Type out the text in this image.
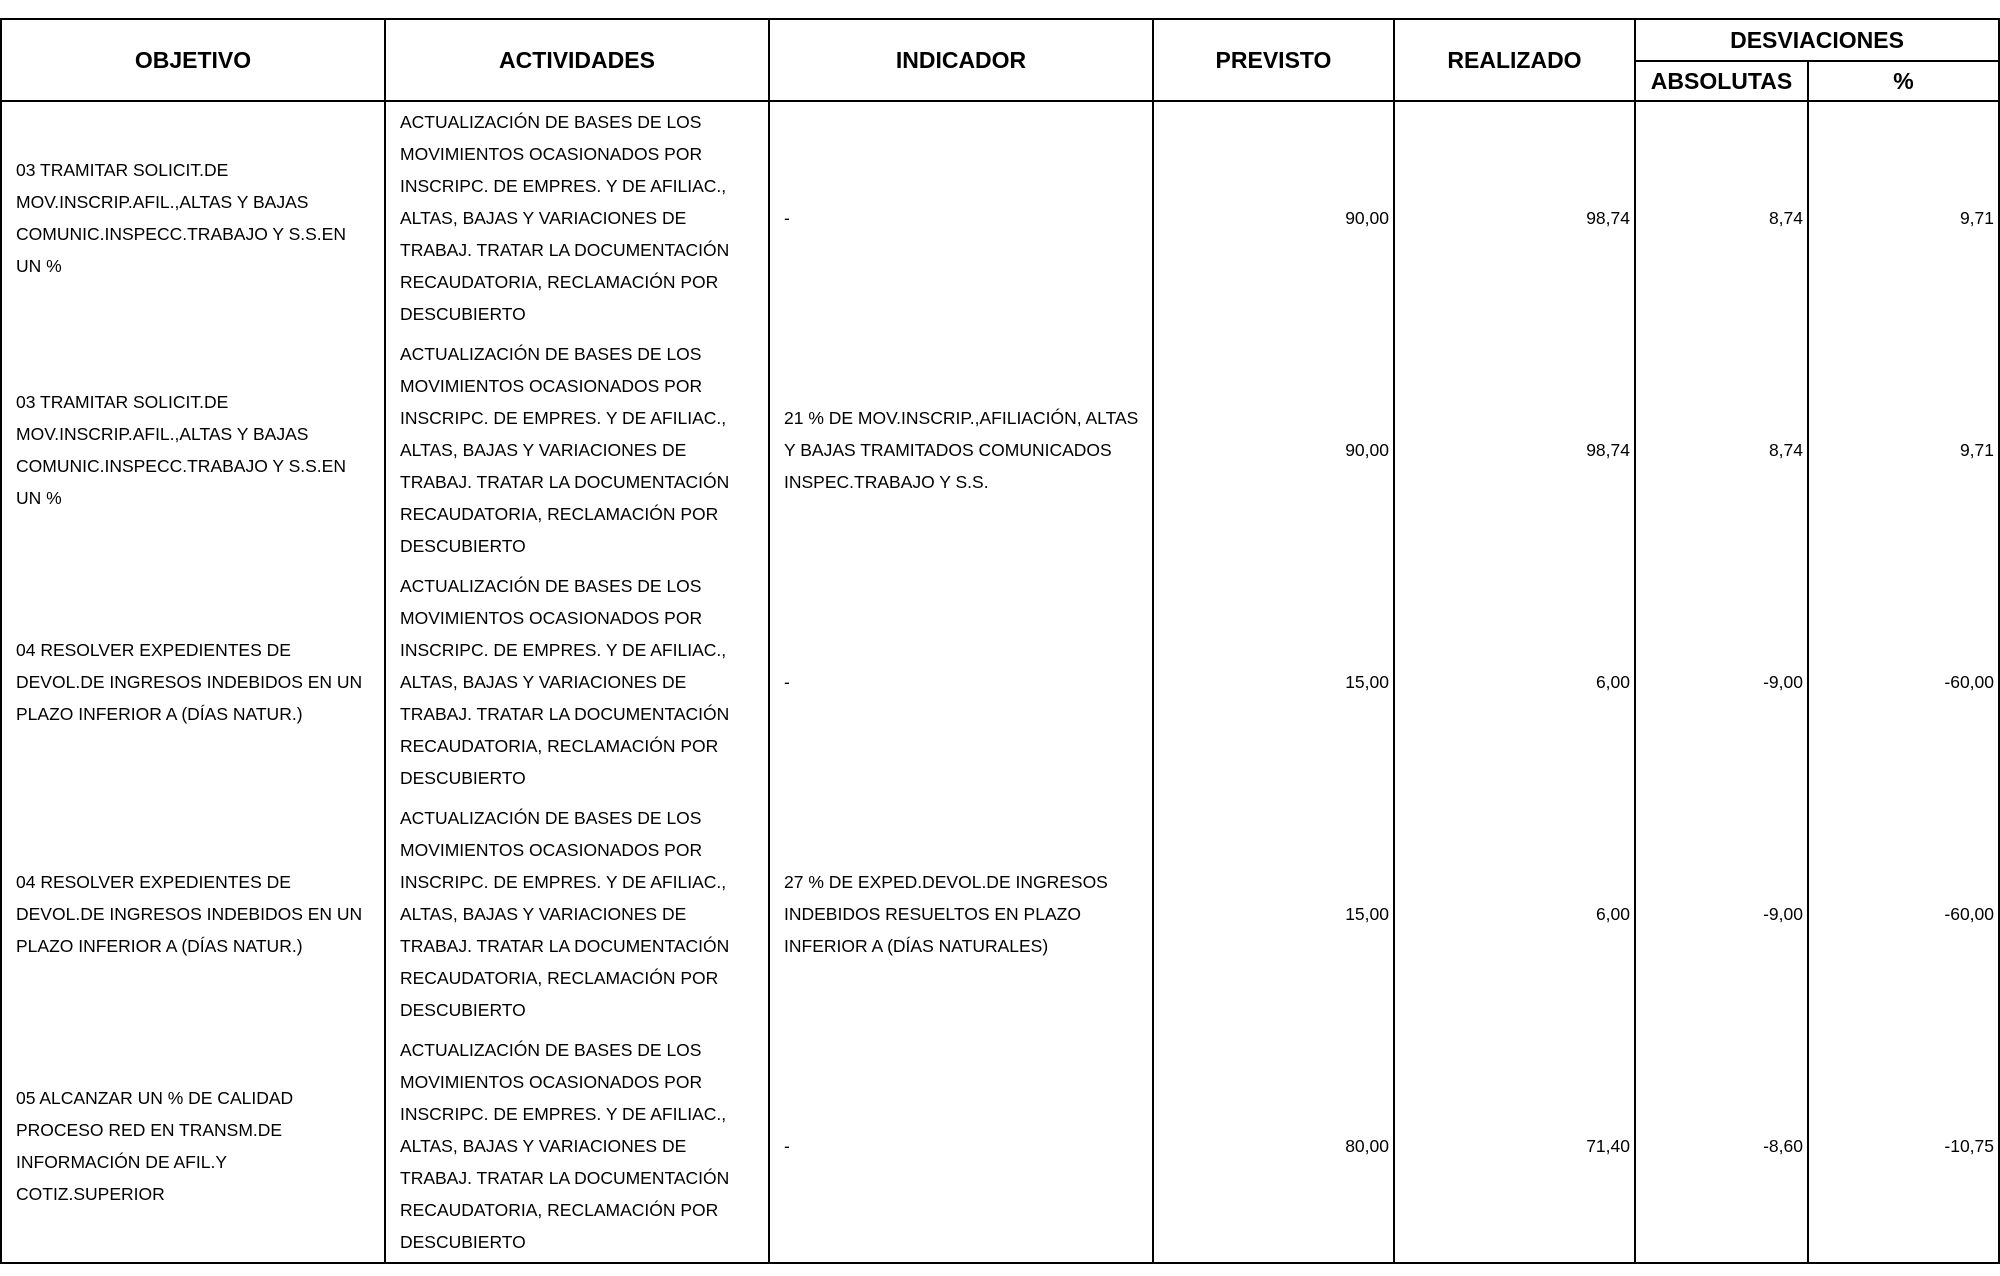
OBJETIVO	ACTIVIDADES	INDICADOR	PREVISTO	REALIZADO	DESVIACIONES	
					ABSOLUTAS	%
03 TRAMITAR SOLICIT.DE MOV.INSCRIP.AFIL.,ALTAS Y BAJAS COMUNIC.INSPECC.TRABAJO Y S.S.EN UN %	ACTUALIZACIÓN DE BASES DE LOS MOVIMIENTOS OCASIONADOS POR INSCRIPC. DE EMPRES. Y DE AFILIAC., ALTAS, BAJAS Y VARIACIONES DE TRABAJ. TRATAR LA DOCUMENTACIÓN RECAUDATORIA, RECLAMACIÓN POR DESCUBIERTO	-	90,00	98,74	8,74	9,71
03 TRAMITAR SOLICIT.DE MOV.INSCRIP.AFIL.,ALTAS Y BAJAS COMUNIC.INSPECC.TRABAJO Y S.S.EN UN %	ACTUALIZACIÓN DE BASES DE LOS MOVIMIENTOS OCASIONADOS POR INSCRIPC. DE EMPRES. Y DE AFILIAC., ALTAS, BAJAS Y VARIACIONES DE TRABAJ. TRATAR LA DOCUMENTACIÓN RECAUDATORIA, RECLAMACIÓN POR DESCUBIERTO	21 % DE MOV.INSCRIP.,AFILIACIÓN, ALTAS Y BAJAS TRAMITADOS COMUNICADOS INSPEC.TRABAJO Y S.S.	90,00	98,74	8,74	9,71
04 RESOLVER EXPEDIENTES DE DEVOL.DE INGRESOS INDEBIDOS EN UN PLAZO INFERIOR A (DÍAS NATUR.)	ACTUALIZACIÓN DE BASES DE LOS MOVIMIENTOS OCASIONADOS POR INSCRIPC. DE EMPRES. Y DE AFILIAC., ALTAS, BAJAS Y VARIACIONES DE TRABAJ. TRATAR LA DOCUMENTACIÓN RECAUDATORIA, RECLAMACIÓN POR DESCUBIERTO	-	15,00	6,00	-9,00	-60,00
04 RESOLVER EXPEDIENTES DE DEVOL.DE INGRESOS INDEBIDOS EN UN PLAZO INFERIOR A (DÍAS NATUR.)	ACTUALIZACIÓN DE BASES DE LOS MOVIMIENTOS OCASIONADOS POR INSCRIPC. DE EMPRES. Y DE AFILIAC., ALTAS, BAJAS Y VARIACIONES DE TRABAJ. TRATAR LA DOCUMENTACIÓN RECAUDATORIA, RECLAMACIÓN POR DESCUBIERTO	27 % DE EXPED.DEVOL.DE INGRESOS INDEBIDOS RESUELTOS EN PLAZO INFERIOR A (DÍAS NATURALES)	15,00	6,00	-9,00	-60,00
05 ALCANZAR UN % DE CALIDAD PROCESO RED EN TRANSM.DE INFORMACIÓN DE AFIL.Y COTIZ.SUPERIOR	ACTUALIZACIÓN DE BASES DE LOS MOVIMIENTOS OCASIONADOS POR INSCRIPC. DE EMPRES. Y DE AFILIAC., ALTAS, BAJAS Y VARIACIONES DE TRABAJ. TRATAR LA DOCUMENTACIÓN RECAUDATORIA, RECLAMACIÓN POR DESCUBIERTO	-	80,00	71,40	-8,60	-10,75
